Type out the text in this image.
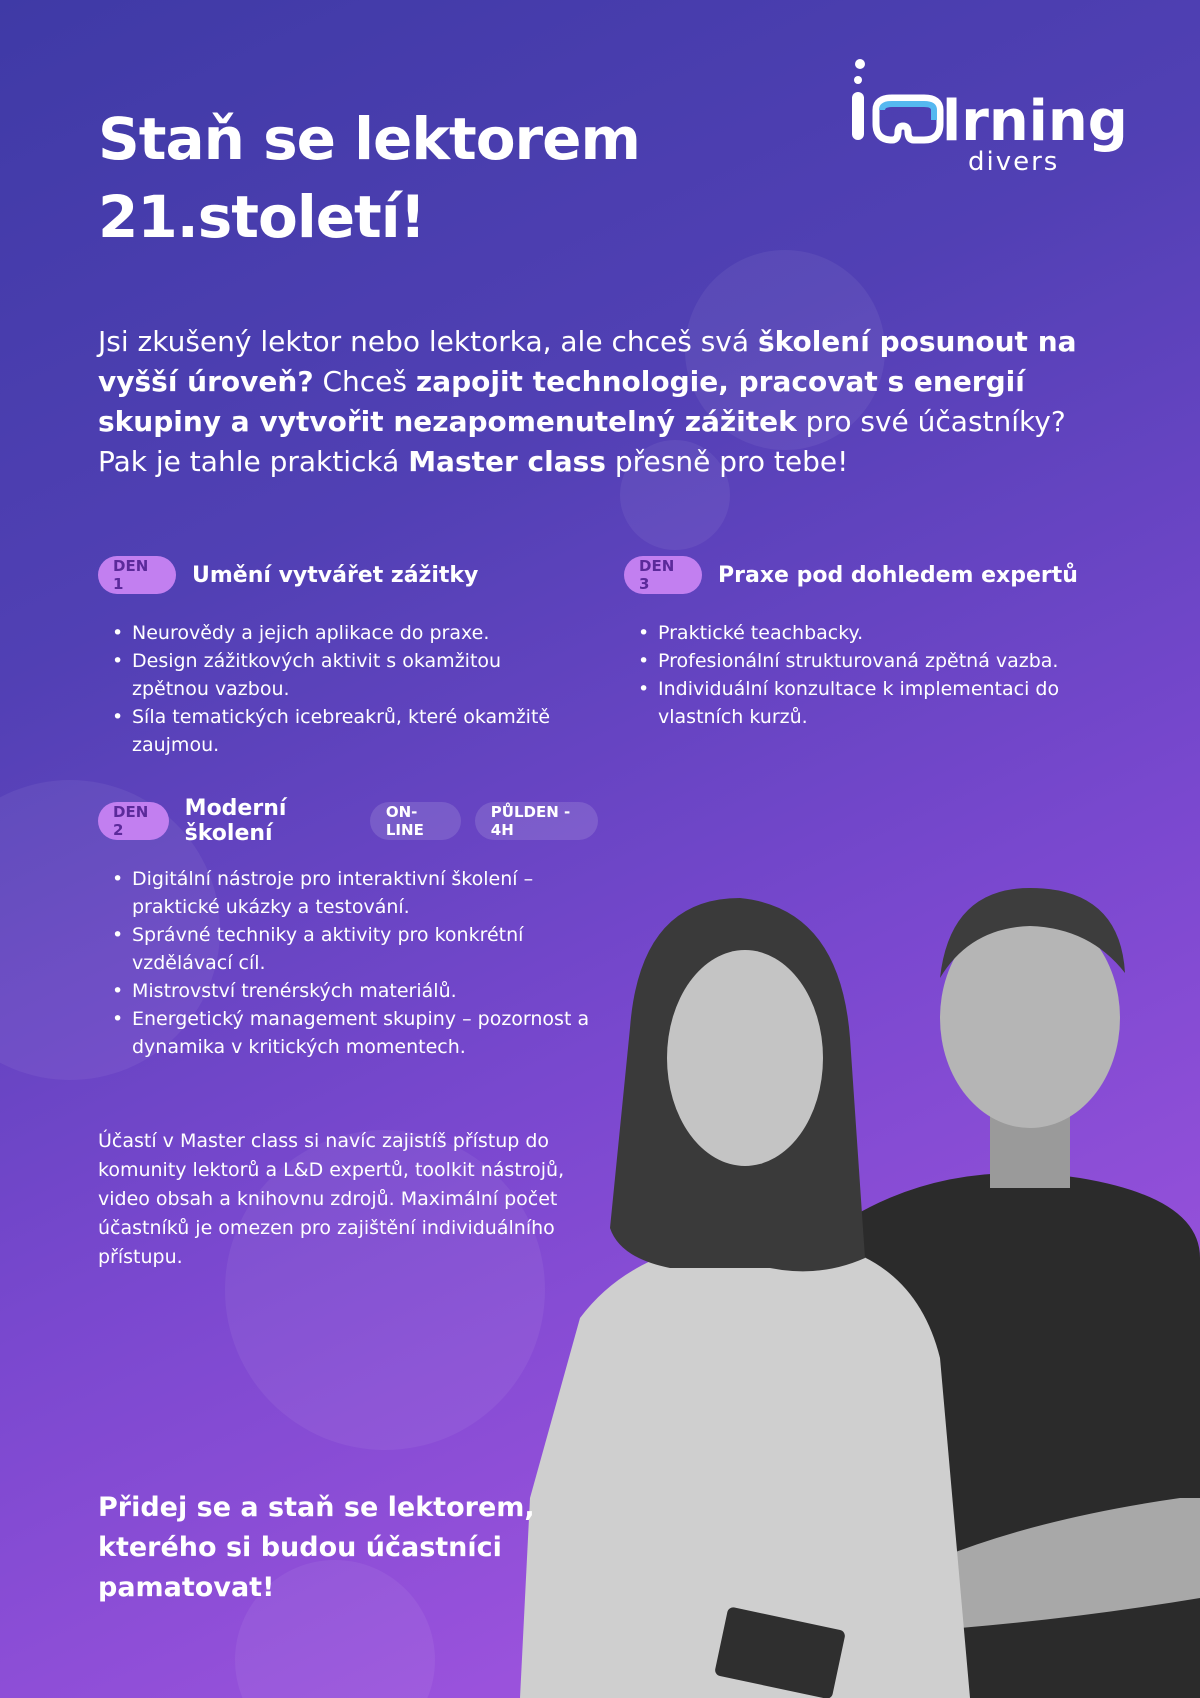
lrning
divers
Staň se lektorem
21.století!

Jsi zkušený lektor nebo lektorka, ale chceš svá školení posunout na vyšší úroveň? Chceš zapojit technologie, pracovat s energií skupiny a vytvořit nezapomenutelný zážitek pro své účastníky? Pak je tahle praktická Master class přesně pro tebe!

DEN 1	Umění vytvářet zážitky
• Neurovědy a jejich aplikace do praxe.
• Design zážitkových aktivit s okamžitou zpětnou vazbou.
• Síla tematických icebreakrů, které okamžitě zaujmou.
DEN 3	Praxe pod dohledem expertů
• Praktické teachbacky.
• Profesionální strukturovaná zpětná vazba.
• Individuální konzultace k implementaci do vlastních kurzů.
DEN 2
Moderní školení
ON-LINE
PŮLDEN - 4H
• Digitální nástroje pro interaktivní školení – praktické ukázky a testování.
• Správné techniky a aktivity pro konkrétní vzdělávací cíl.
• Mistrovství trenérských materiálů.
• Energetický management skupiny – pozornost a dynamika v kritických momentech.

Účastí v Master class si navíc zajistíš přístup do komunity lektorů a L&D expertů, toolkit nástrojů, video obsah a knihovnu zdrojů. Maximální počet účastníků je omezen pro zajištění individuálního přístupu.

Přidej se a staň se lektorem,
kterého si budou účastníci
pamatovat!
